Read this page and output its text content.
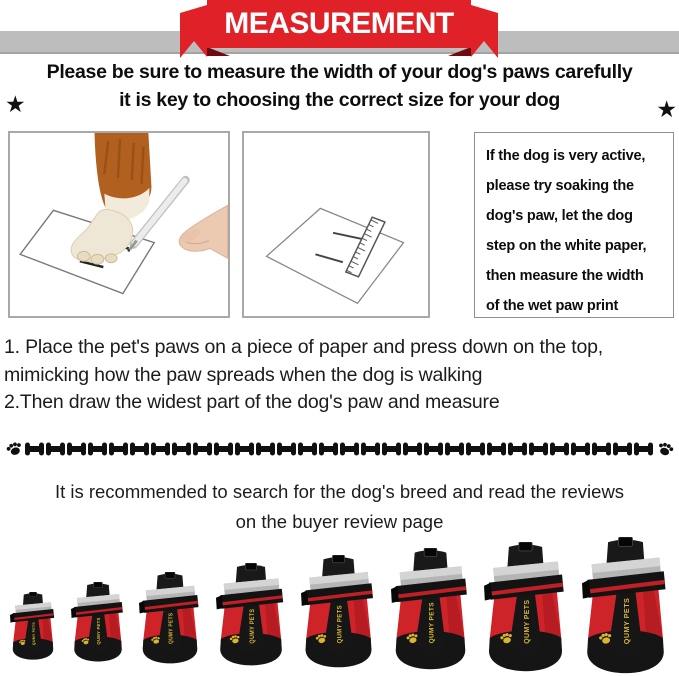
MEASUREMENT
Please be sure to measure the width of your dog's paws carefully
it is key to choosing the correct size for your dog
★	★
If the dog is very active,
please try soaking the
dog's paw, let the dog
step on the white paper,
then measure the width
of the wet paw print
1. Place the pet's paws on a piece of paper and press down on the top,
mimicking how the paw spreads when the dog is walking
2.Then draw the widest part of the dog's paw and measure
It is recommended to search for the dog's breed and read the reviews
on the buyer review page
